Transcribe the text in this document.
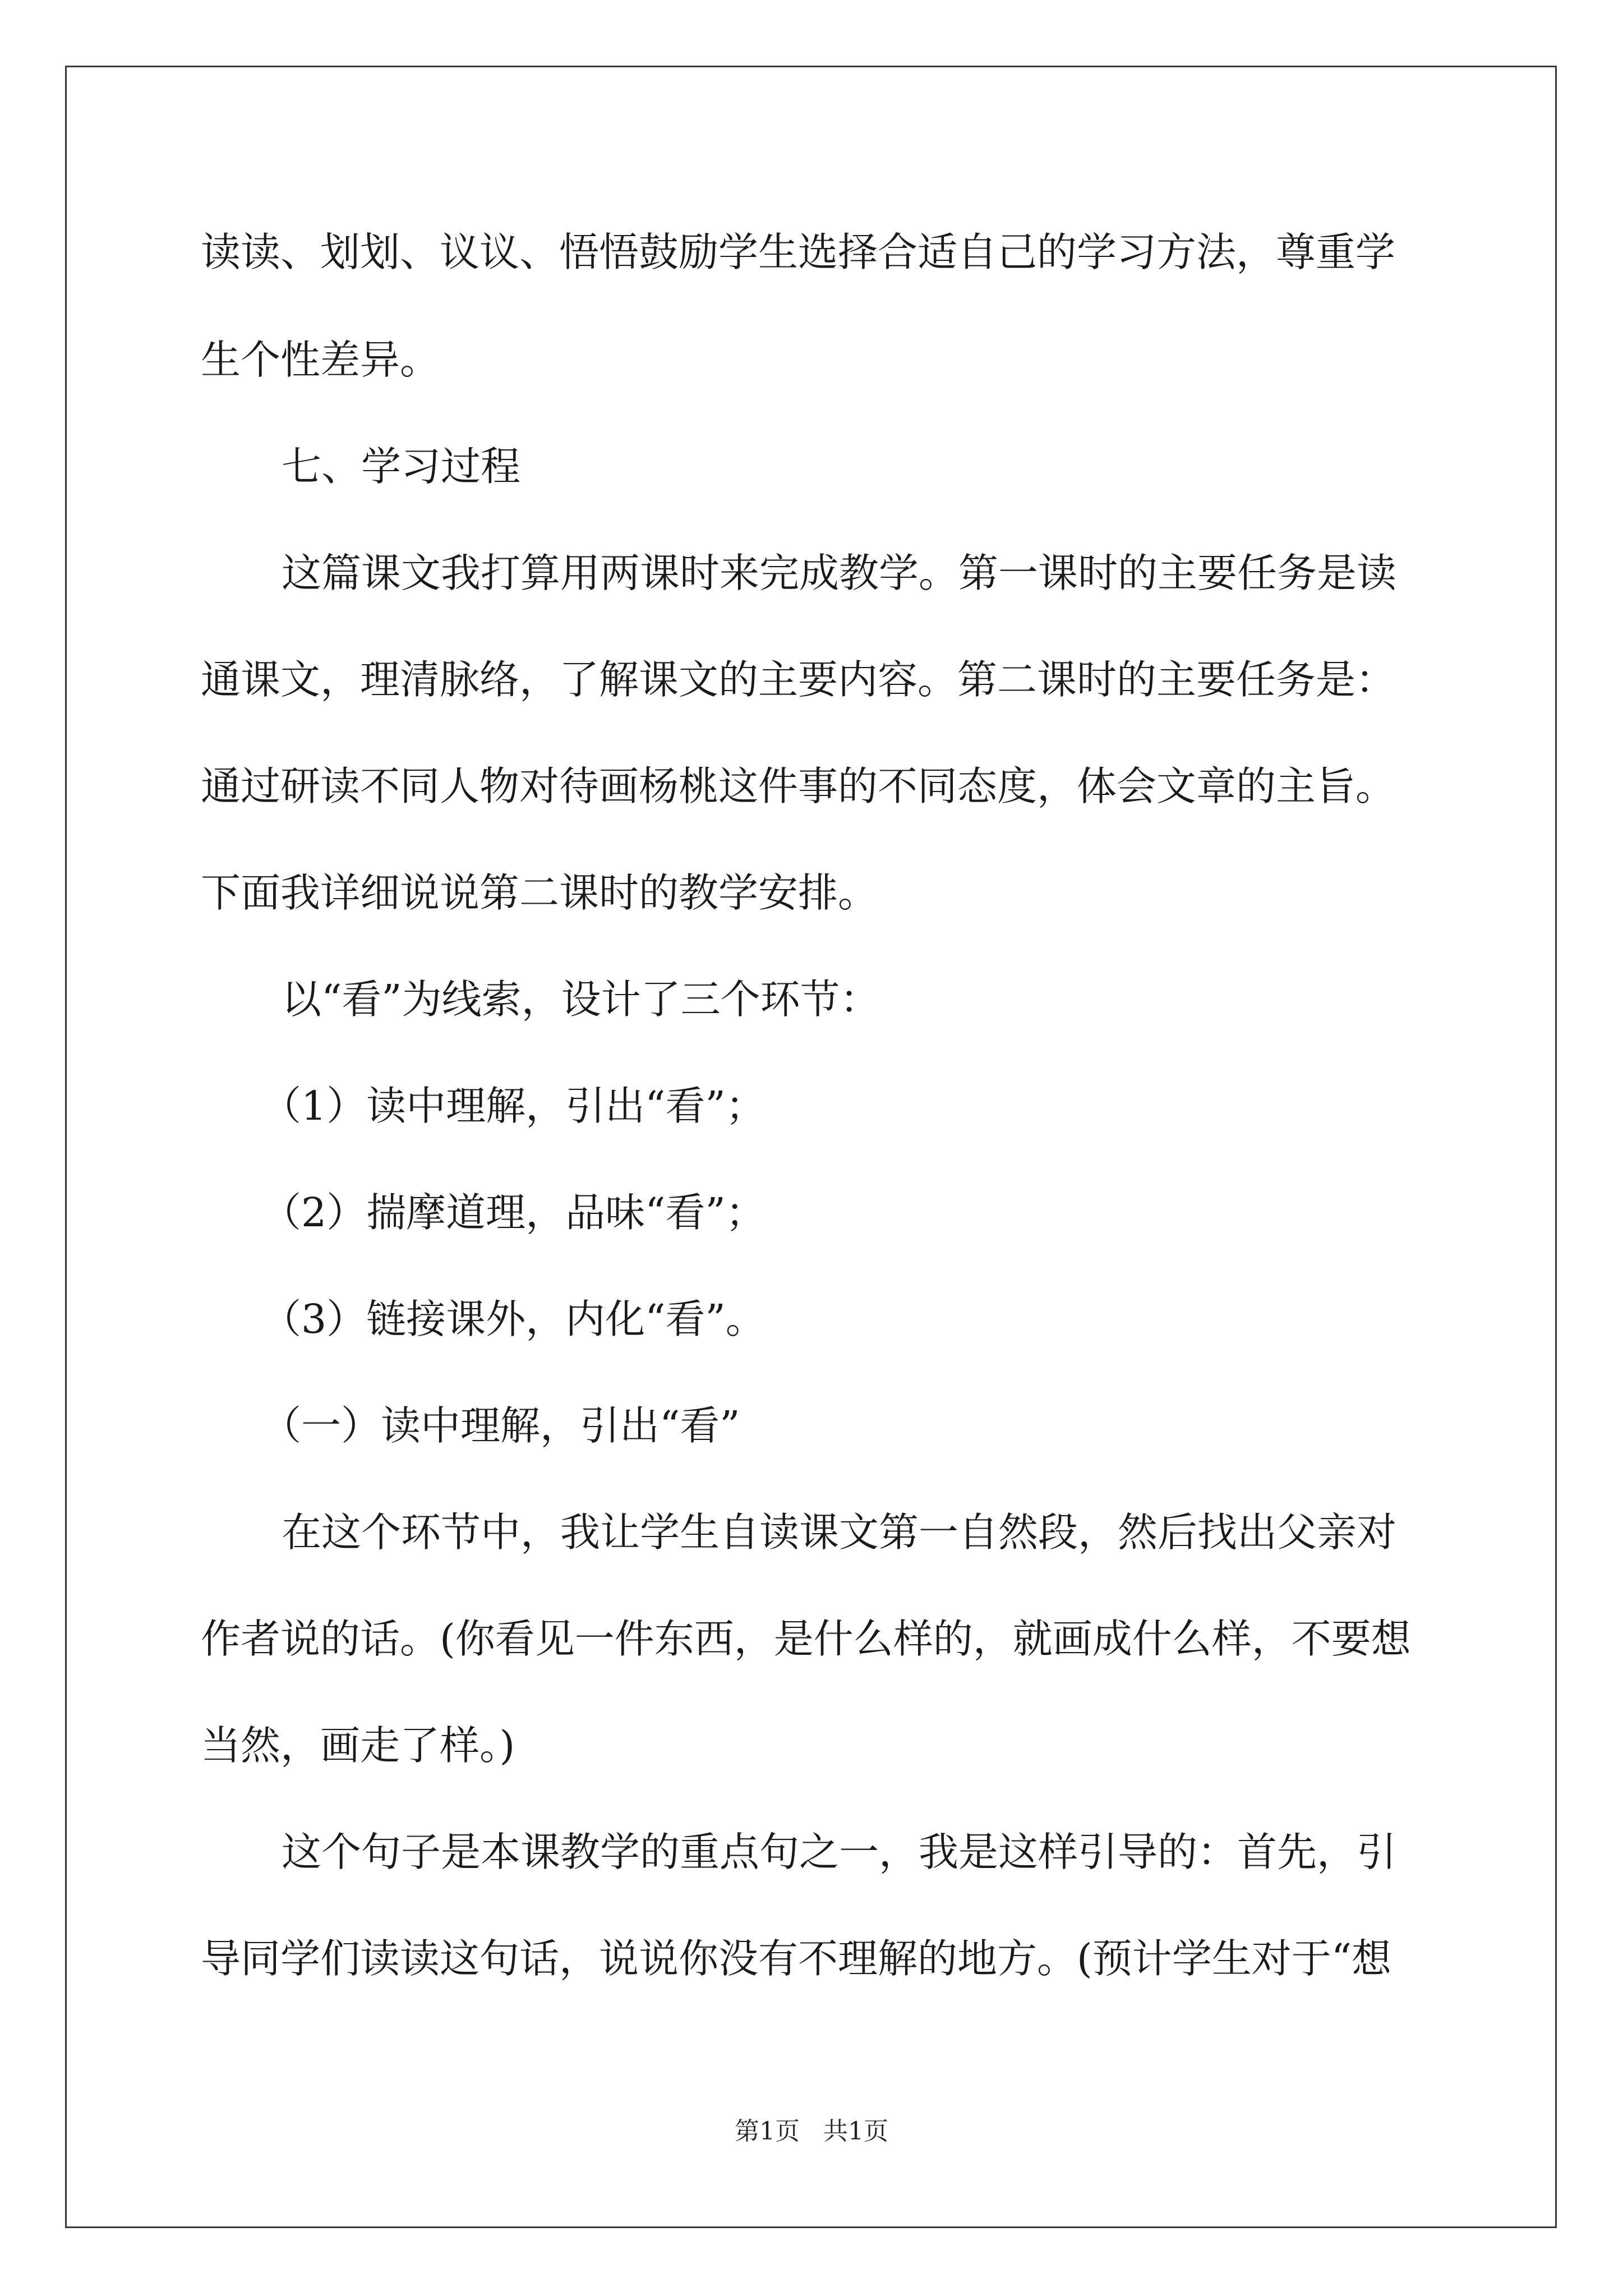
读读、划划、议议、悟悟鼓励学生选择合适自己的学习方法，尊重学
生个性差异。
七、学习过程
这篇课文我打算用两课时来完成教学。第一课时的主要任务是读
通课文，理清脉络，了解课文的主要内容。第二课时的主要任务是：
通过研读不同人物对待画杨桃这件事的不同态度，体会文章的主旨。
下面我详细说说第二课时的教学安排。
以“看”为线索，设计了三个环节：
（1）读中理解，引出“看”；
（2）揣摩道理，品味“看”；
（3）链接课外，内化“看”。
（一）读中理解，引出“看”
在这个环节中，我让学生自读课文第一自然段，然后找出父亲对
作者说的话。(你看见一件东西，是什么样的，就画成什么样，不要想
当然，画走了样。)
这个句子是本课教学的重点句之一，我是这样引导的：首先，引
导同学们读读这句话，说说你没有不理解的地方。(预计学生对于“想
第1页 共1页
